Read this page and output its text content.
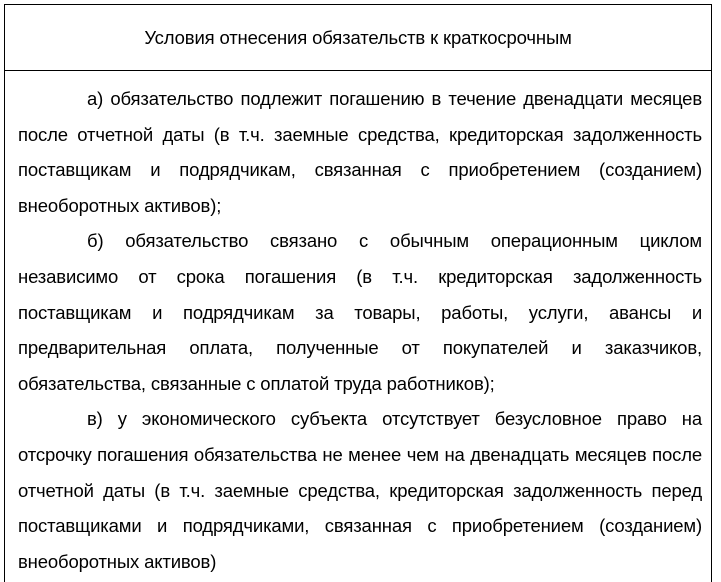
Условия отнесения обязательств к краткосрочным

а) обязательство подлежит погашению в течение двенадцати месяцев после отчетной даты (в т.ч. заемные средства, кредиторская задолженность поставщикам и подрядчикам, связанная с приобретением (созданием) внеоборотных активов);

б) обязательство связано с обычным операционным циклом независимо от срока погашения (в т.ч. кредиторская задолженность поставщикам и подрядчикам за товары, работы, услуги, авансы и предварительная оплата, полученные от покупателей и заказчиков, обязательства, связанные с оплатой труда работников);

в) у экономического субъекта отсутствует безусловное право на отсрочку погашения обязательства не менее чем на двенадцать месяцев после отчетной даты (в т.ч. заемные средства, кредиторская задолженность перед поставщиками и подрядчиками, связанная с приобретением (созданием) внеоборотных активов)
